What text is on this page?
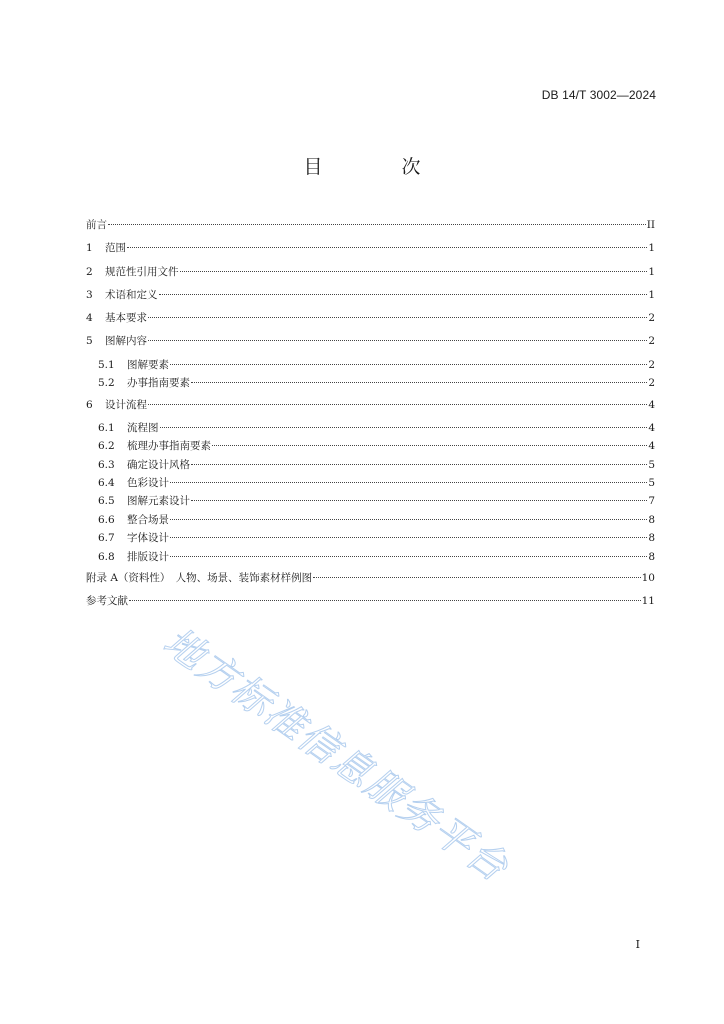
DB 14/T 3002—2024
目　次
前言	II
1	范围	1
2	规范性引用文件	1
3	术语和定义	1
4	基本要求	2
5	图解内容	2
5.1	图解要素	2
5.2	办事指南要素	2
6	设计流程	4
6.1	流程图	4
6.2	梳理办事指南要素	4
6.3	确定设计风格	5
6.4	色彩设计	5
6.5	图解元素设计	7
6.6	整合场景	8
6.7	字体设计	8
6.8	排版设计	8
附录 A（资料性）　人物、场景、装饰素材样例图	10
参考文献	11
地方标准信息服务平台
I
